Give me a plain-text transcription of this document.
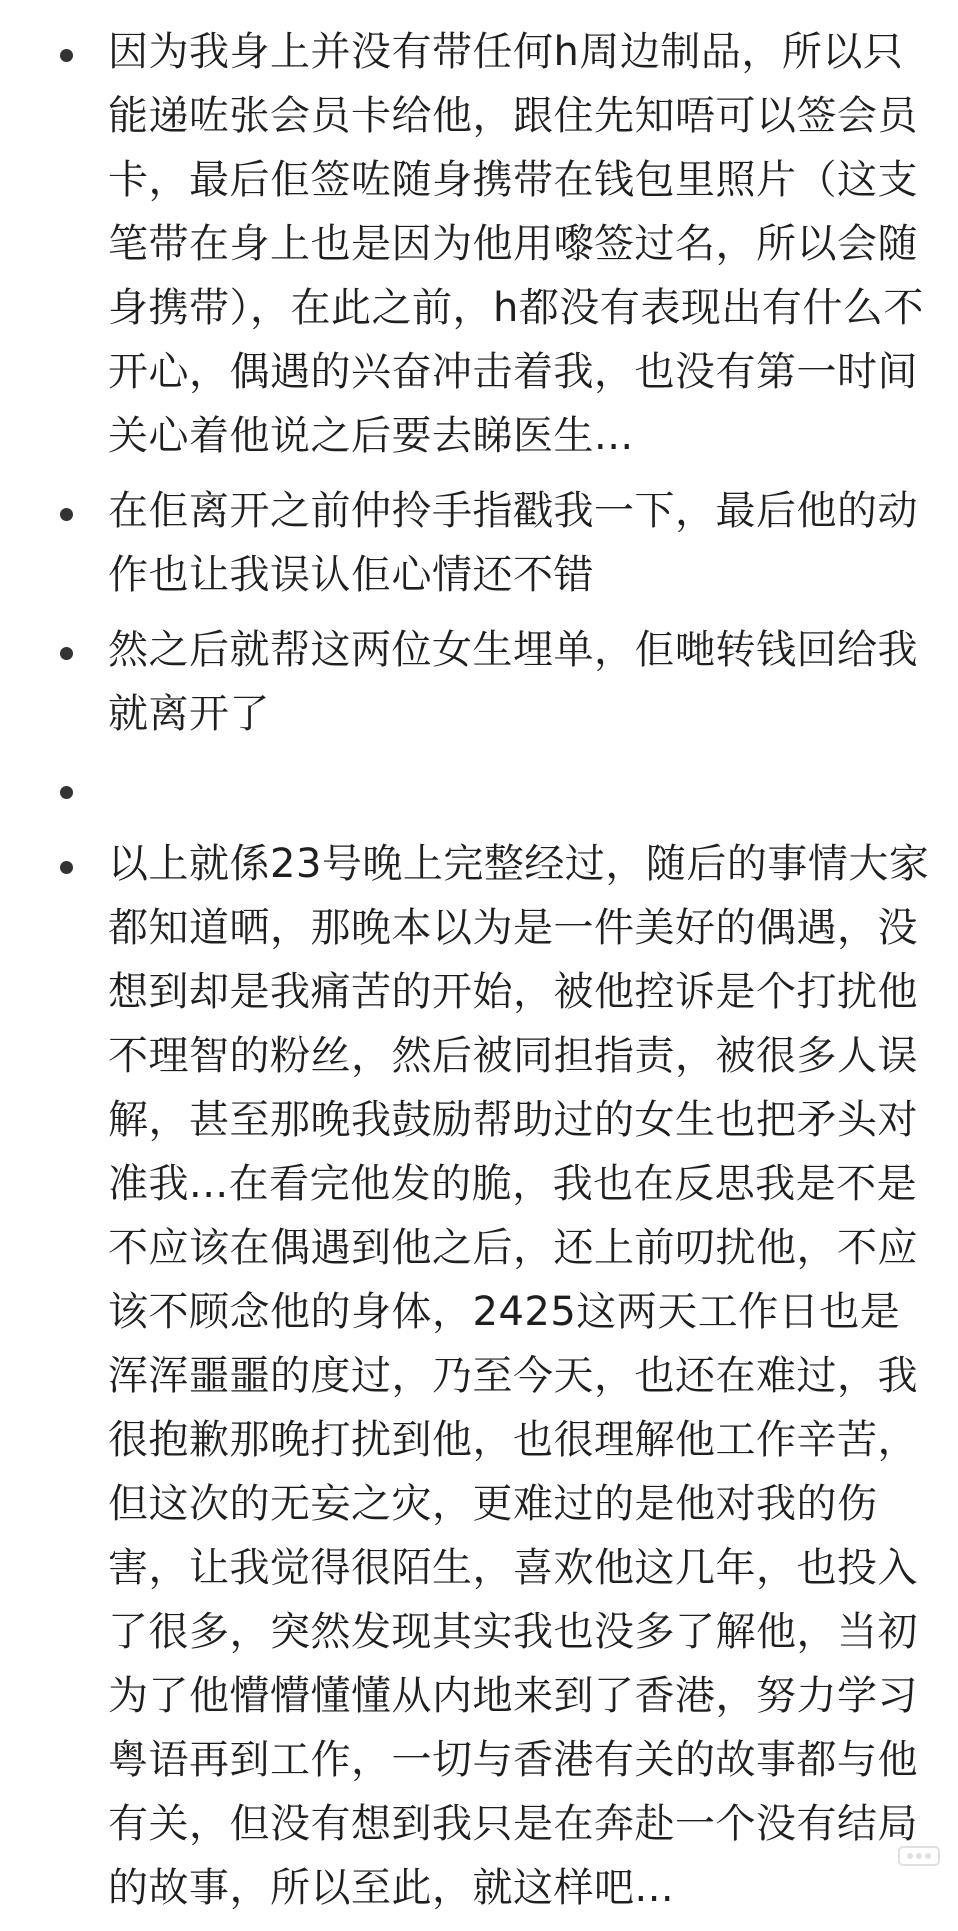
因为我身上并没有带任何h周边制品，所以只能递咗张会员卡给他，跟住先知唔可以签会员卡，最后佢签咗随身携带在钱包里照片（这支笔带在身上也是因为他用嚟签过名，所以会随身携带），在此之前，h都没有表现出有什么不开心，偶遇的兴奋冲击着我，也没有第一时间关心着他说之后要去睇医生...
在佢离开之前仲拎手指戳我一下，最后他的动作也让我误认佢心情还不错
然之后就帮这两位女生埋单，佢哋转钱回给我就离开了
以上就係23号晚上完整经过，随后的事情大家都知道晒，那晚本以为是一件美好的偶遇，没想到却是我痛苦的开始，被他控诉是个打扰他不理智的粉丝，然后被同担指责，被很多人误解，甚至那晚我鼓励帮助过的女生也把矛头对准我...在看完他发的脆，我也在反思我是不是不应该在偶遇到他之后，还上前叨扰他，不应该不顾念他的身体，2425这两天工作日也是浑浑噩噩的度过，乃至今天，也还在难过，我很抱歉那晚打扰到他，也很理解他工作辛苦，但这次的无妄之灾，更难过的是他对我的伤害，让我觉得很陌生，喜欢他这几年，也投入了很多，突然发现其实我也没多了解他，当初为了他懵懵懂懂从内地来到了香港，努力学习粤语再到工作，一切与香港有关的故事都与他有关，但没有想到我只是在奔赴一个没有结局的故事，所以至此，就这样吧...
